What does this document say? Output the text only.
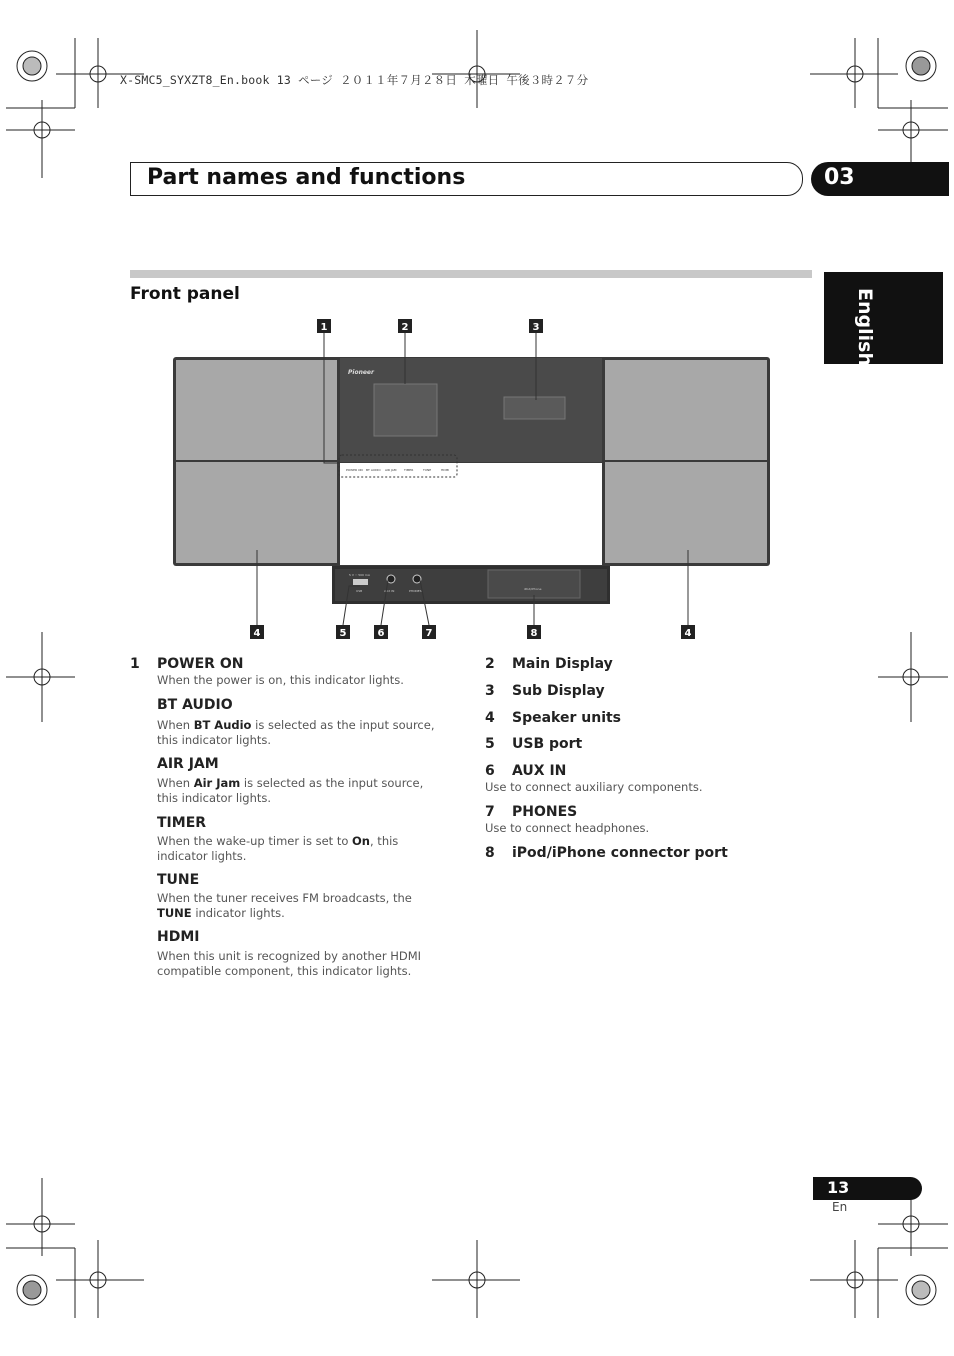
X-SMC5_SYXZT8_En.book 13 ページ ２０１１年７月２８日 木曜日 午後３時２７分
Part names and functions	03
English
Front panel
Pioneer
POWER ON BT AUDIO AIR JAM	TIMER	TUNE	HDMI
5 V ⎓ 500 mA
USB	AUX IN	PHONES	iPod/iPhone
1	2	3
4	5	6	7	8	4
1 POWER ON
When the power is on, this indicator lights.
BT AUDIO
When BT Audio is selected as the input source, this indicator lights.
AIR JAM
When Air Jam is selected as the input source, this indicator lights.
TIMER
When the wake-up timer is set to On, this indicator lights.
TUNE
When the tuner receives FM broadcasts, the TUNE indicator lights.
HDMI
When this unit is recognized by another HDMI compatible component, this indicator lights.
2 Main Display
3 Sub Display
4 Speaker units
5 USB port
6 AUX IN
Use to connect auxiliary components.
7 PHONES
Use to connect headphones.
8 iPod/iPhone connector port
13
En
